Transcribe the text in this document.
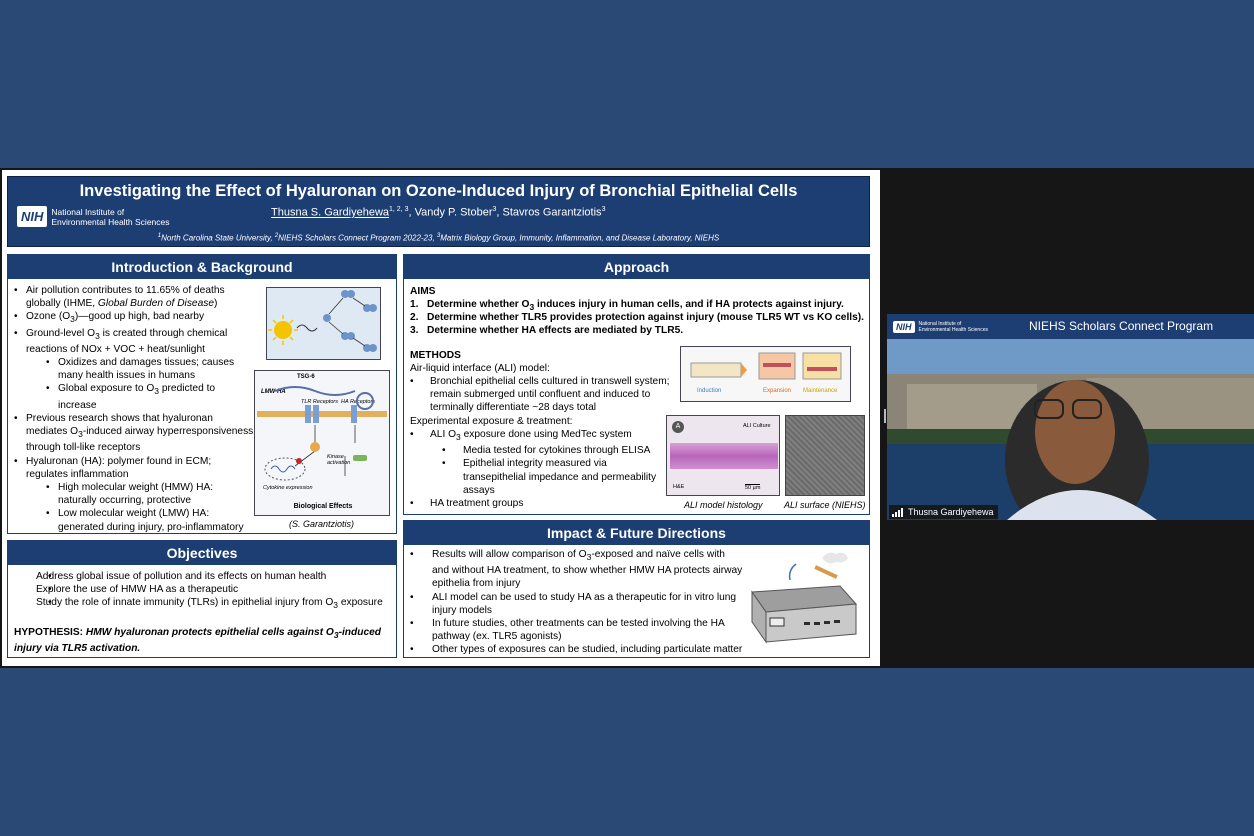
Investigating the Effect of Hyaluronan on Ozone-Induced Injury of Bronchial Epithelial Cells
NIH National Institute of
Environmental Health Sciences
Thusna S. Gardiyehewa$^{1, 2, 3}$, Vandy P. Stober$^3$, Stavros Garantziotis$^3$
$^1$North Carolina State University, $^2$NIEHS Scholars Connect Program 2022-23, $^3$Matrix Biology Group, Immunity, Inflammation, and Disease Laboratory, NIEHS
Introduction & Background
• Air pollution contributes to 11.65% of deaths globally (IHME, Global Burden of Disease)
• Ozone $(O_3)—good$ up high, bad nearby
• Ground-level $O_3$ is created through chemical reactions of NOx + VOC + heat/sunlight
• Oxidizes and damages tissues; causes many health issues in humans
• Global exposure to $O_3$ predicted to increase
• Previous research shows that hyaluronan mediates $O_3$-induced airway hyperresponsiveness through toll-like receptors
• Hyaluronan (HA): polymer found in ECM; regulates inflammation
• High molecular weight (HMW) HA: naturally occurring, protective
• Low molecular weight (LMW) HA: generated during injury, pro-inflammatory
TSG-6
LMW-HA
TLR Receptors HA Receptors
Kinase activation
Cytokine expression
Biological Effects
(S. Garantziotis)
Objectives
• Address global issue of pollution and its effects on human health
• Explore the use of HMW HA as a therapeutic
• Study the role of innate immunity (TLRs) in epithelial injury from $O_3$ exposure
HYPOTHESIS: HMW hyaluronan protects epithelial cells against $O_3$-induced injury via TLR5 activation.
Approach
AIMS
1.   Determine whether $O_3$ induces injury in human cells, and if HA protects against injury.
2.   Determine whether TLR5 provides protection against injury (mouse TLR5 WT vs KO cells).
3.   Determine whether HA effects are mediated by TLR5.
METHODS
Air-liquid interface (ALI) model:
• Bronchial epithelial cells cultured in transwell system; remain submerged until confluent and induced to terminally differentiate ~28 days total
Experimental exposure & treatment:
• ALI $O_3$ exposure done using MedTec system
• Media tested for cytokines through ELISA
• Epithelial integrity measured via transepithelial impedance and permeability assays
• HA treatment groups
Induction	Expansion Maintenance
A	ALI Culture
H&E	50 µm
ALI model histology ALI surface (NIEHS)
Impact & Future Directions
• Results will allow comparison of $O_3$-exposed and naïve cells with and without HA treatment, to show whether HMW HA protects airway epithelia from injury
• ALI model can be used to study HA as a therapeutic for in vitro lung injury models
• In future studies, other treatments can be tested involving the HA pathway (ex. TLR5 agonists)
• Other types of exposures can be studied, including particulate matter
NIH	National Institute of
Environmental Health Sciences	NIEHS Scholars Connect Program
Thusna Gardiyehewa
